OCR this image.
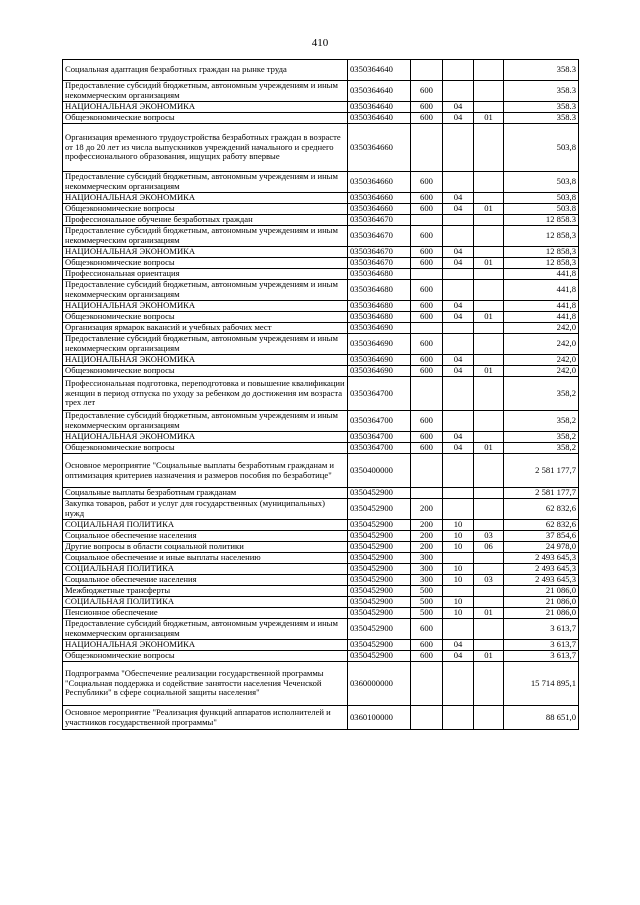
410
Социальная адаптация безработных граждан на рынке труда	0350364640				358.3
Предоставление субсидий бюджетным, автономным учреждениям и иным некоммерческим организациям	0350364640	600			358.3
НАЦИОНАЛЬНАЯ ЭКОНОМИКА	0350364640	600	04		358.3
Общеэкономические вопросы	0350364640	600	04	01	358.3
Организация временного трудоустройства безработных граждан в возрасте от 18 до 20 лет из числа выпускников учреждений начального и среднего профессионального образования, ищущих работу впервые	0350364660				503,8
Предоставление субсидий бюджетным, автономным учреждениям и иным некоммерческим организациям	0350364660	600			503,8
НАЦИОНАЛЬНАЯ ЭКОНОМИКА	0350364660	600	04		503,8
Общеэкономические вопросы	0350364660	600	04	01	503.8
Профессиональное обучение безработных граждан	0350364670				12 858.3
Предоставление субсидий бюджетным, автономным учреждениям и иным некоммерческим организациям	0350364670	600			12 858,3
НАЦИОНАЛЬНАЯ ЭКОНОМИКА	0350364670	600	04		12 858,3
Общеэкономические вопросы	0350364670	600	04	01	12 858,3
Профессиональная ориентация	0350364680				441,8
Предоставление субсидий бюджетным, автономным учреждениям и иным некоммерческим организациям	0350364680	600			441,8
НАЦИОНАЛЬНАЯ ЭКОНОМИКА	0350364680	600	04		441,8
Общеэкономические вопросы	0350364680	600	04	01	441,8
Организация ярмарок вакансий и учебных рабочих мест	0350364690				242,0
Предоставление субсидий бюджетным, автономным учреждениям и иным некоммерческим организациям	0350364690	600			242,0
НАЦИОНАЛЬНАЯ ЭКОНОМИКА	0350364690	600	04		242,0
Общеэкономические вопросы	0350364690	600	04	01	242,0
Профессиональная подготовка, переподготовка и повышение квалификации женщин в период отпуска по уходу за ребенком до достижения им возраста трех лет	0350364700				358,2
Предоставление субсидий бюджетным, автономным учреждениям и иным некоммерческим организациям	0350364700	600			358,2
НАЦИОНАЛЬНАЯ ЭКОНОМИКА	0350364700	600	04		358,2
Общеэкономические вопросы	0350364700	600	04	01	358,2
Основное мероприятие "Социальные выплаты безработным гражданам и оптимизация критериев назначения и размеров пособия по безработице"	0350400000				2 581 177,7
Социальные выплаты безработным гражданам	0350452900				2 581 177,7
Закупка товаров, работ и услуг для государственных (муниципальных) нужд	0350452900	200			62 832,6
СОЦИАЛЬНАЯ ПОЛИТИКА	0350452900	200	10		62 832,6
Социальное обеспечение населения	0350452900	200	10	03	37 854,6
Другие вопросы в области социальной политики	0350452900	200	10	06	24 978,0
Социальное обеспечение и иные выплаты населению	0350452900	300			2 493 645,3
СОЦИАЛЬНАЯ ПОЛИТИКА	0350452900	300	10		2 493 645,3
Социальное обеспечение населения	0350452900	300	10	03	2 493 645,3
Межбюджетные трансферты	0350452900	500			21 086,0
СОЦИАЛЬНАЯ ПОЛИТИКА	0350452900	500	10		21 086,0
Пенсионное обеспечение	0350452900	500	10	01	21 086,0
Предоставление субсидий бюджетным, автономным учреждениям и иным некоммерческим организациям	0350452900	600			3 613,7
НАЦИОНАЛЬНАЯ ЭКОНОМИКА	0350452900	600	04		3 613,7
Общеэкономические вопросы	0350452900	600	04	01	3 613,7
Подпрограмма "Обеспечение реализации государственной программы "Социальная поддержка и содействие занятости населения Чеченской Республики" в сфере социальной защиты населения"	0360000000				15 714 895,1
Основное мероприятие "Реализация функций аппаратов исполнителей и участников государственной программы"	0360100000				88 651,0
